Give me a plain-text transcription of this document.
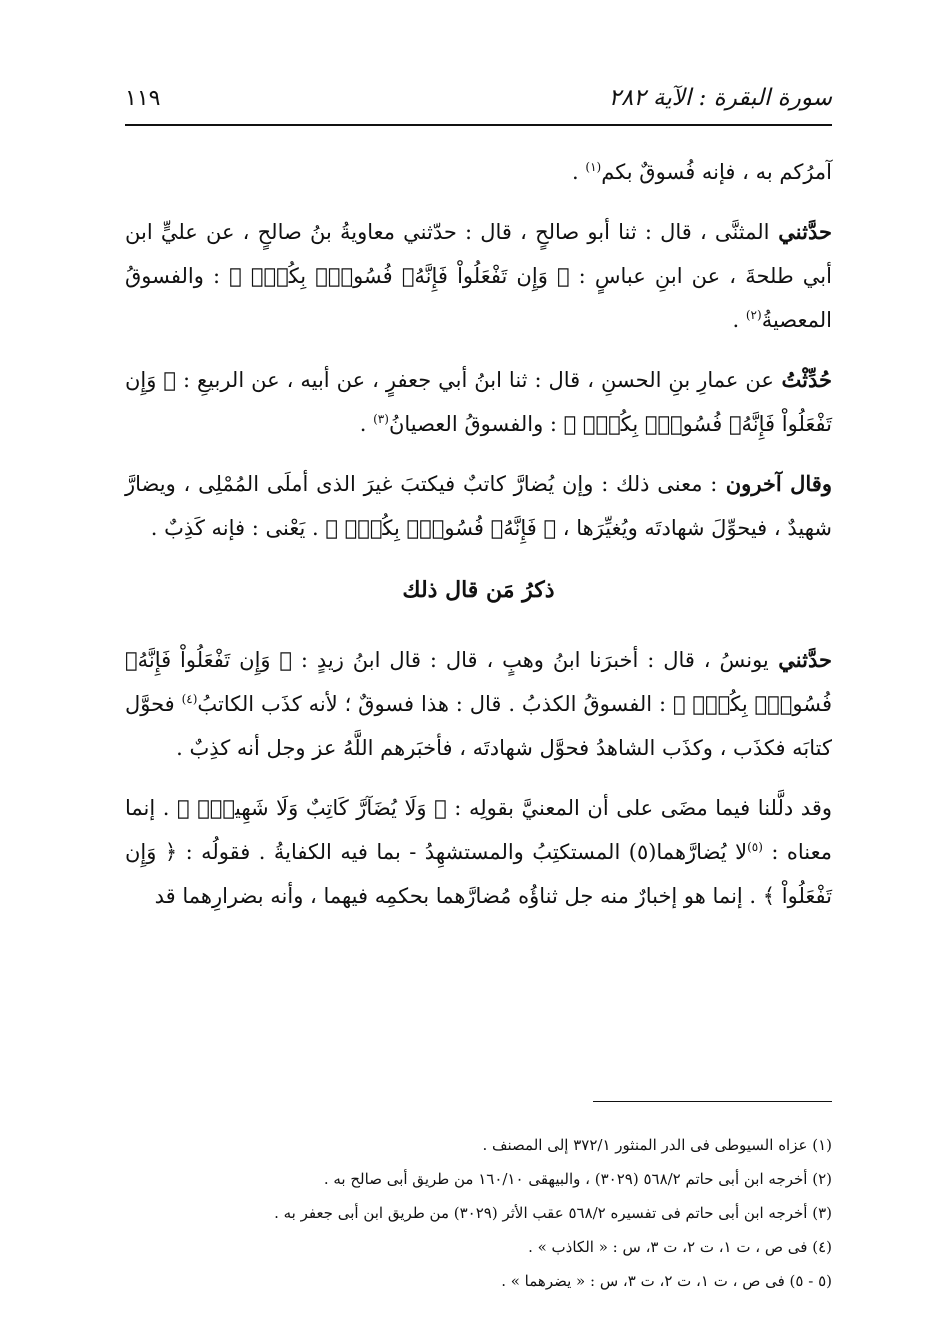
سورة البقرة : الآية ٢٨٢
١١٩

آمرُكم به ، فإنه فُسوقٌ بكم$^{(١)}$ .

حدَّثني المثنَّى ، قال : ثنا أبو صالحٍ ، قال : حدّثني معاويةُ بنُ صالحٍ ، عن عليٍّ ابن أبي طلحةَ ، عن ابنِ عباسٍ : ﴿ وَإِن تَفْعَلُواْ فَإِنَّهُۥ فُسُوقٌۢ بِكُمْۗ ﴾ : والفسوقُ المعصيةُ$^{(٢)}$ .

حُدِّثْتُ عن عمارِ بنِ الحسنِ ، قال : ثنا ابنُ أبي جعفرٍ ، عن أبيه ، عن الربيعِ : ﴿ وَإِن تَفْعَلُواْ فَإِنَّهُۥ فُسُوقٌۢ بِكُمْۗ ﴾ : والفسوقُ العصيانُ$^{(٣)}$ .

وقال آخرون : معنى ذلك : وإن يُضارَّ كاتبٌ فيكتبَ غيرَ الذى أملَى المُمْلِى ، ويضارَّ شهيدٌ ، فيحوِّلَ شهادتَه ويُغيِّرَها ، ﴿ فَإِنَّهُۥ فُسُوقٌۢ بِكُمْۗ ﴾ . يَعْنى : فإنه كَذِبٌ .

ذكرُ مَن قال ذلك

حدَّثني يونسُ ، قال : أخبرَنا ابنُ وهبٍ ، قال : قال ابنُ زيدٍ : ﴿ وَإِن تَفْعَلُواْ فَإِنَّهُۥ فُسُوقٌۢ بِكُمْۗ ﴾ : الفسوقُ الكذبُ . قال : هذا فسوقٌ ؛ لأنه كذَب الكاتبُ$^{(٤)}$ فحوَّل كتابَه فكذَب ، وكذَب الشاهدُ فحوَّل شهادتَه ، فأخبَرهم اللَّهُ عز وجل أنه كذِبٌ .

وقد دلَّلنا فيما مضَى على أن المعنيَّ بقولِه : ﴿ وَلَا يُضَآرَّ كَاتِبٌ وَلَا شَهِيدٌۚ ﴾ . إنما معناه : $^{(٥)}$لا يُضارَّهما(٥) المستكتِبُ والمستشهِدُ - بما فيه الكفايةُ . فقولُه : ﴿ وَإِن تَفْعَلُواْ ﴾ . إنما هو إخبارٌ منه جل ثناؤُه مُضارَّهما بحكمِه فيهما ، وأنه بضرارِهما قد

(١) عزاه السيوطى فى الدر المنثور ٣٧٢/١ إلى المصنف .
(٢) أخرجه ابن أبى حاتم ٥٦٨/٢ (٣٠٢٩) ، والبيهقى ١٦٠/١٠ من طريق أبى صالح به .
(٣) أخرجه ابن أبى حاتم فى تفسيره ٥٦٨/٢ عقب الأثر (٣٠٢٩) من طريق ابن أبى جعفر به .
(٤) فى ص ، ت ١، ت ٢، ت ٣، س : « الكاذب » .
(٥ - ٥) فى ص ، ت ١، ت ٢، ت ٣، س : « يضرهما » .
